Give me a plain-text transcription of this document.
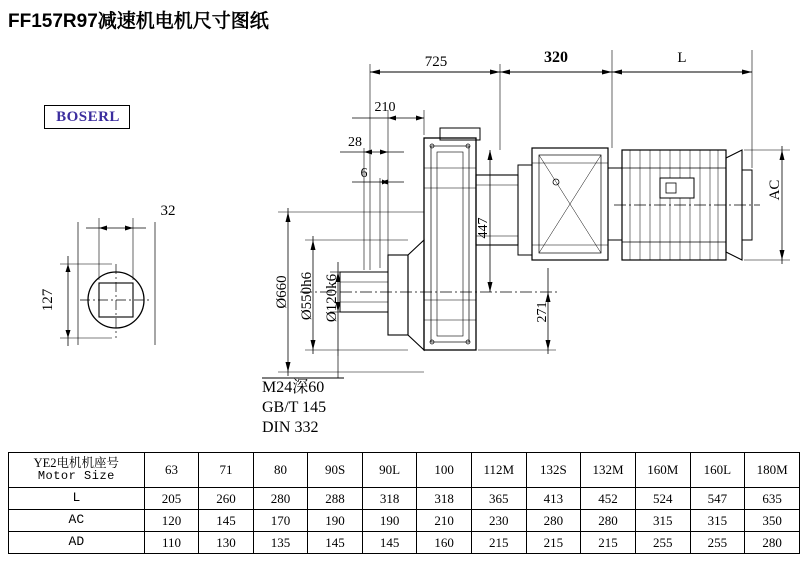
FF157R97减速机电机尺寸图纸
BOSERL
725	320	L
210
28
6
32
127	Ø660 Ø550h6 Ø120k6
447
271
AC
M24深60
GB/T 145
DIN 332
YE2电机机座号
Motor Size	63	71	80	90S	90L	100	112M	132S	132M	160M	160L	180M
L	205	260	280	288	318	318	365	413	452	524	547	635
AC	120	145	170	190	190	210	230	280	280	315	315	350
AD	110	130	135	145	145	160	215	215	215	255	255	280
